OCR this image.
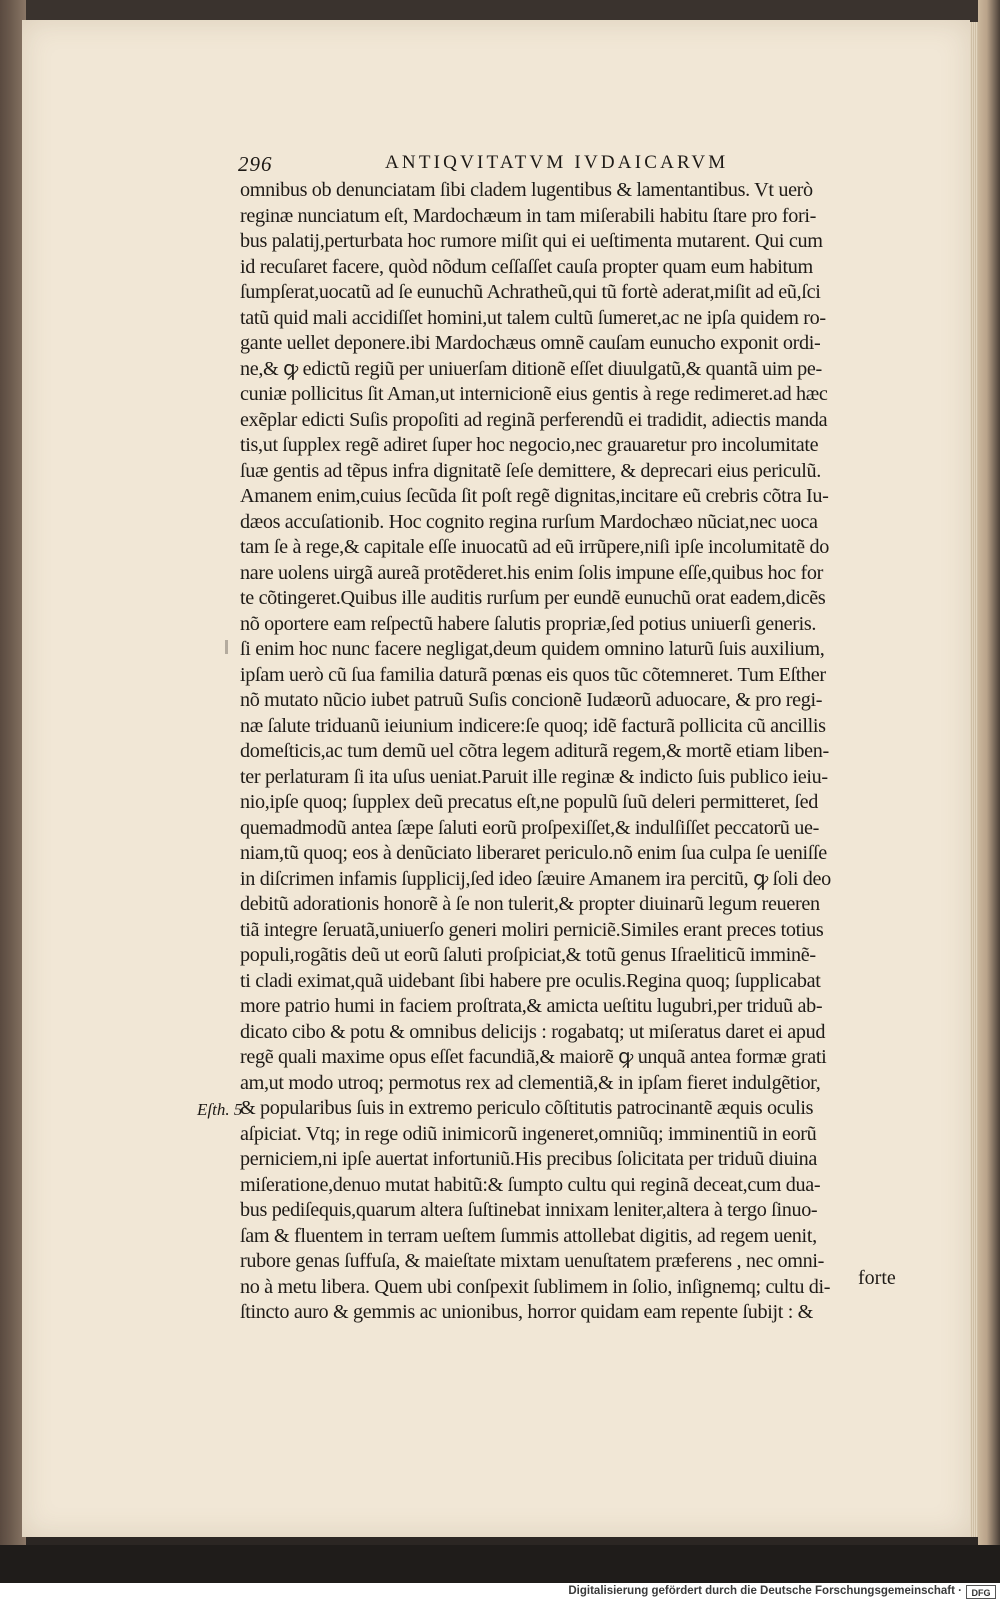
296	ANTIQVITATVM IVDAICARVM
omnibus ob denunciatam ſibi cladem lugentibus & lamentantibus. Vt uerò
reginæ nunciatum eſt, Mardochæum in tam miſerabili habitu ſtare pro fori-
bus palatij,perturbata hoc rumore miſit qui ei ueſtimenta mutarent. Qui cum
id recuſaret facere, quòd nõdum ceſſaſſet cauſa propter quam eum habitum
ſumpſerat,uocatũ ad ſe eunuchũ Achratheũ,qui tũ fortè aderat,miſit ad eũ,ſci
tatũ quid mali accidiſſet homini,ut talem cultũ ſumeret,ac ne ipſa quidem ro-
gante uellet deponere.ibi Mardochæus omnẽ cauſam eunucho exponit ordi-
ne,& ꝙ edictũ regiũ per uniuerſam ditionẽ eſſet diuulgatũ,& quantã uim pe-
cuniæ pollicitus ſit Aman,ut internicionẽ eius gentis à rege redimeret.ad hæc
exẽplar edicti Suſis propoſiti ad reginã perferendũ ei tradidit, adiectis manda
tis,ut ſupplex regẽ adiret ſuper hoc negocio,nec grauaretur pro incolumitate
ſuæ gentis ad tẽpus infra dignitatẽ ſeſe demittere, & deprecari eius periculũ.
Amanem enim,cuius ſecũda ſit poſt regẽ dignitas,incitare eũ crebris cõtra Iu-
dæos accuſationib. Hoc cognito regina rurſum Mardochæo nũciat,nec uoca
tam ſe à rege,& capitale eſſe inuocatũ ad eũ irrũpere,niſi ipſe incolumitatẽ do
nare uolens uirgã aureã protẽderet.his enim ſolis impune eſſe,quibus hoc for
te cõtingeret.Quibus ille auditis rurſum per eundẽ eunuchũ orat eadem,dicẽs
nõ oportere eam reſpectũ habere ſalutis propriæ,ſed potius uniuerſi generis.
ſi enim hoc nunc facere negligat,deum quidem omnino laturũ ſuis auxilium,
ipſam uerò cũ ſua familia daturã pœnas eis quos tũc cõtemneret. Tum Eſther
nõ mutato nũcio iubet patruũ Suſis concionẽ Iudæorũ aduocare, & pro regi-
næ ſalute triduanũ ieiunium indicere:ſe quoq; idẽ facturã pollicita cũ ancillis
domeſticis,ac tum demũ uel cõtra legem aditurã regem,& mortẽ etiam liben-
ter perlaturam ſi ita uſus ueniat.Paruit ille reginæ & indicto ſuis publico ieiu-
nio,ipſe quoq; ſupplex deũ precatus eſt,ne populũ ſuũ deleri permitteret, ſed
quemadmodũ antea ſæpe ſaluti eorũ proſpexiſſet,& indulſiſſet peccatorũ ue-
niam,tũ quoq; eos à denũciato liberaret periculo.nõ enim ſua culpa ſe ueniſſe
in diſcrimen infamis ſupplicij,ſed ideo ſæuire Amanem ira percitũ, ꝙ ſoli deo
debitũ adorationis honorẽ à ſe non tulerit,& propter diuinarũ legum reueren
tiã integre ſeruatã,uniuerſo generi moliri perniciẽ.Similes erant preces totius
populi,rogãtis deũ ut eorũ ſaluti proſpiciat,& totũ genus Iſraeliticũ imminẽ-
ti cladi eximat,quã uidebant ſibi habere pre oculis.Regina quoq; ſupplicabat
more patrio humi in faciem proſtrata,& amicta ueſtitu lugubri,per triduũ ab-
dicato cibo & potu & omnibus delicijs : rogabatq; ut miſeratus daret ei apud
regẽ quali maxime opus eſſet facundiã,& maiorẽ ꝙ unquã antea formæ grati
am,ut modo utroq; permotus rex ad clementiã,& in ipſam fieret indulgẽtior,
& popularibus ſuis in extremo periculo cõſtitutis patrocinantẽ æquis oculis
aſpiciat. Vtq; in rege odiũ inimicorũ ingeneret,omniũq; imminentiũ in eorũ
perniciem,ni ipſe auertat infortuniũ.His precibus ſolicitata per triduũ diuina
miſeratione,denuo mutat habitũ:& ſumpto cultu qui reginã deceat,cum dua-
bus pediſequis,quarum altera ſuſtinebat innixam leniter,altera à tergo ſinuo-
ſam & fluentem in terram ueſtem ſummis attollebat digitis, ad regem uenit,
rubore genas ſuffuſa, & maieſtate mixtam uenuſtatem præferens , nec omni-
no à metu libera. Quem ubi conſpexit ſublimem in ſolio, inſignemq; cultu di-
ſtincto auro & gemmis ac unionibus, horror quidam eam repente ſubijt : &
Eſth. 5
forte
Digitalisierung gefördert durch die Deutsche Forschungsgemeinschaft ·	DFG
